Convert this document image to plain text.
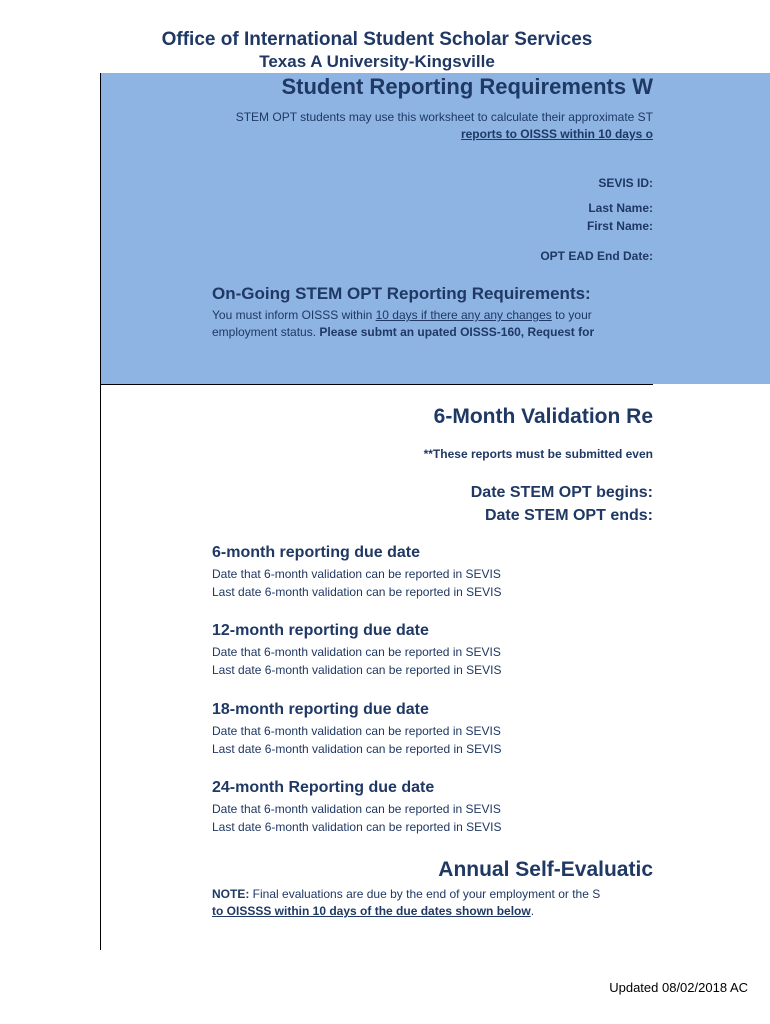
Office of International Student Scholar Services
Texas A University-Kingsville
Student Reporting Requirements W
STEM OPT students may use this worksheet to calculate their approximate ST
reports to OISSS within 10 days o
SEVIS ID:
Last Name:
First Name:
OPT EAD End Date:
On-Going STEM OPT Reporting Requirements:
You must inform OISSS within 10 days if there any any changes to your
employment status. Please submt an upated OISSS-160, Request for
6-Month Validation Re
**These reports must be submitted even
Date STEM OPT begins:
Date STEM OPT ends:
6-month reporting due date
Date that 6-month validation can be reported in SEVIS
Last date 6-month validation can be reported in SEVIS
12-month reporting due date
Date that 6-month validation can be reported in SEVIS
Last date 6-month validation can be reported in SEVIS
18-month reporting due date
Date that 6-month validation can be reported in SEVIS
Last date 6-month validation can be reported in SEVIS
24-month Reporting due date
Date that 6-month validation can be reported in SEVIS
Last date 6-month validation can be reported in SEVIS
Annual Self-Evaluatic
NOTE: Final evaluations are due by the end of your employment or the S
to OISSSS within 10 days of the due dates shown below.
Updated 08/02/2018 AC
